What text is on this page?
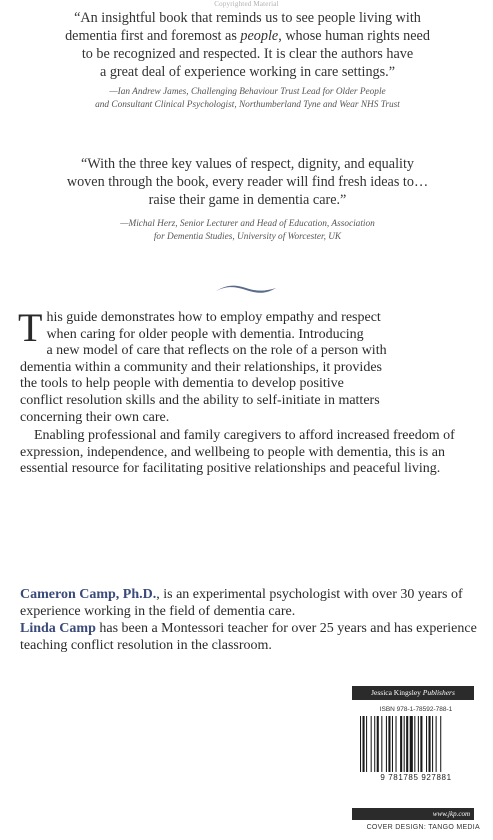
Copyrighted Material
“An insightful book that reminds us to see people living with
dementia first and foremost as people, whose human rights need
to be recognized and respected. It is clear the authors have
a great deal of experience working in care settings.”
—Ian Andrew James, Challenging Behaviour Trust Lead for Older People
and Consultant Clinical Psychologist, Northumberland Tyne and Wear NHS Trust
“With the three key values of respect, dignity, and equality
woven through the book, every reader will find fresh ideas to…
raise their game in dementia care.”
—Michal Herz, Senior Lecturer and Head of Education, Association
for Dementia Studies, University of Worcester, UK
T his guide demonstrates how to employ empathy and respect
when caring for older people with dementia. Introducing
a new model of care that reflects on the role of a person with
dementia within a community and their relationships, it provides
the tools to help people with dementia to develop positive
conflict resolution skills and the ability to self-initiate in matters
concerning their own care.

Enabling professional and family caregivers to afford increased freedom of expression, independence, and wellbeing to people with dementia, this is an essential resource for facilitating positive relationships and peaceful living.

Cameron Camp, Ph.D., is an experimental psychologist with over 30 years of experience working in the field of dementia care.

Linda Camp has been a Montessori teacher for over 25 years and has experience teaching conflict resolution in the classroom.

Jessica Kingsley Publishers
ISBN 978-1-78592-788-1
9 781785 927881
www.jkp.com
COVER DESIGN: TANGO MEDIA
